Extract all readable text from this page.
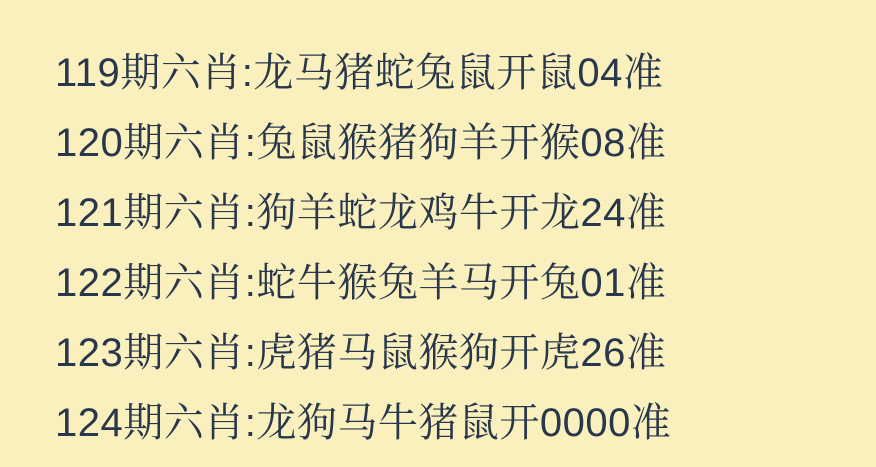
119期六肖:龙马猪蛇兔鼠开鼠04准
120期六肖:兔鼠猴猪狗羊开猴08准
121期六肖:狗羊蛇龙鸡牛开龙24准
122期六肖:蛇牛猴兔羊马开兔01准
123期六肖:虎猪马鼠猴狗开虎26准
124期六肖:龙狗马牛猪鼠开0000准
